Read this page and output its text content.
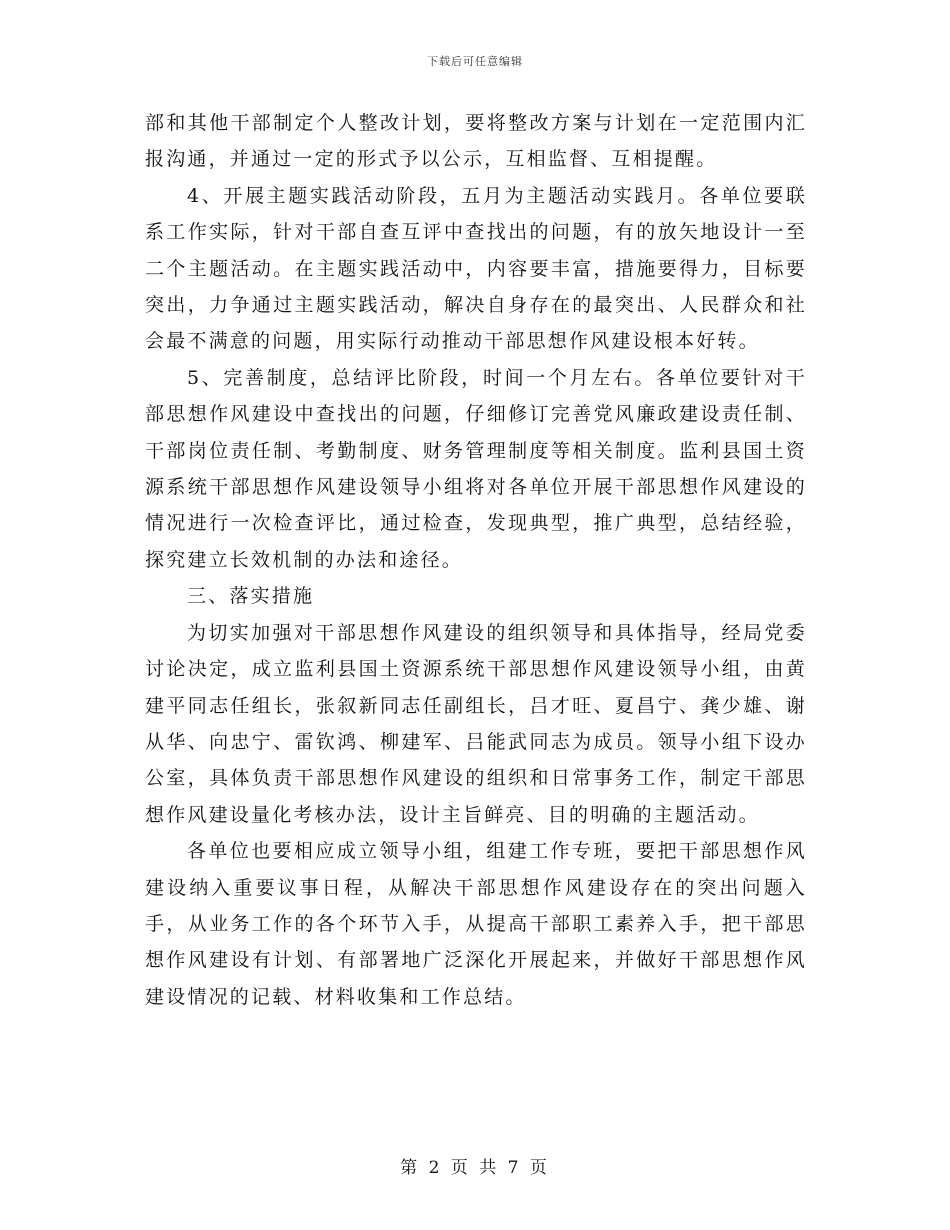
下载后可任意编辑

部和其他干部制定个人整改计划，要将整改方案与计划在一定范围内汇报沟通，并通过一定的形式予以公示，互相监督、互相提醒。

4、开展主题实践活动阶段，五月为主题活动实践月。各单位要联系工作实际，针对干部自查互评中查找出的问题，有的放矢地设计一至二个主题活动。在主题实践活动中，内容要丰富，措施要得力，目标要突出，力争通过主题实践活动，解决自身存在的最突出、人民群众和社会最不满意的问题，用实际行动推动干部思想作风建设根本好转。

5、完善制度，总结评比阶段，时间一个月左右。各单位要针对干部思想作风建设中查找出的问题，仔细修订完善党风廉政建设责任制、干部岗位责任制、考勤制度、财务管理制度等相关制度。监利县国土资源系统干部思想作风建设领导小组将对各单位开展干部思想作风建设的情况进行一次检查评比，通过检查，发现典型，推广典型，总结经验，探究建立长效机制的办法和途径。

三、落实措施

为切实加强对干部思想作风建设的组织领导和具体指导，经局党委讨论决定，成立监利县国土资源系统干部思想作风建设领导小组，由黄建平同志任组长，张叙新同志任副组长，吕才旺、夏昌宁、龚少雄、谢从华、向忠宁、雷钦鸿、柳建军、吕能武同志为成员。领导小组下设办公室，具体负责干部思想作风建设的组织和日常事务工作，制定干部思想作风建设量化考核办法，设计主旨鲜亮、目的明确的主题活动。

各单位也要相应成立领导小组，组建工作专班，要把干部思想作风建设纳入重要议事日程，从解决干部思想作风建设存在的突出问题入手，从业务工作的各个环节入手，从提高干部职工素养入手，把干部思想作风建设有计划、有部署地广泛深化开展起来，并做好干部思想作风建设情况的记载、材料收集和工作总结。

第 2 页 共 7 页
